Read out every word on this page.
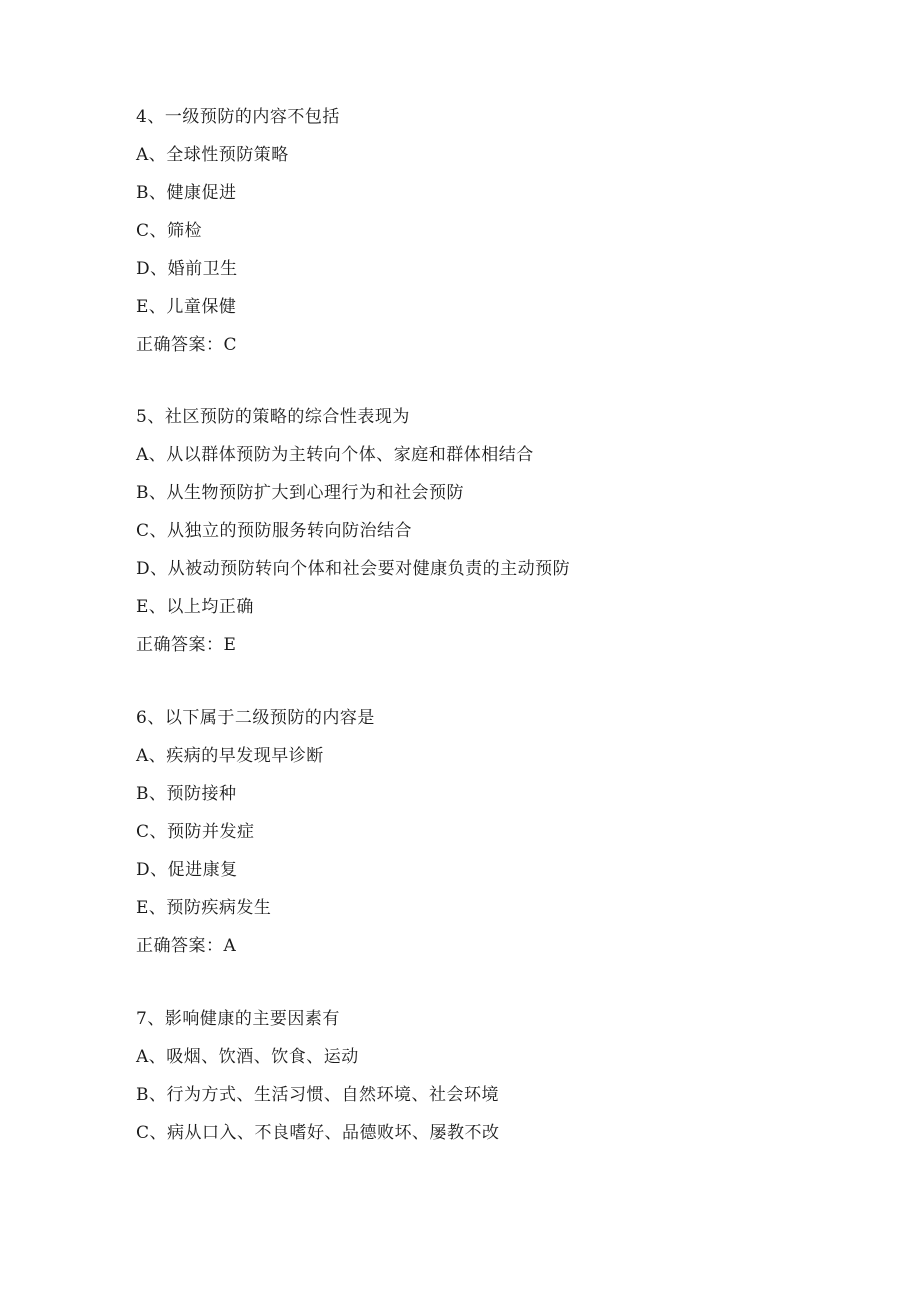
4、一级预防的内容不包括
A、全球性预防策略
B、健康促进
C、筛检
D、婚前卫生
E、儿童保健
正确答案：C
5、社区预防的策略的综合性表现为
A、从以群体预防为主转向个体、家庭和群体相结合
B、从生物预防扩大到心理行为和社会预防
C、从独立的预防服务转向防治结合
D、从被动预防转向个体和社会要对健康负责的主动预防
E、以上均正确
正确答案：E
6、以下属于二级预防的内容是
A、疾病的早发现早诊断
B、预防接种
C、预防并发症
D、促进康复
E、预防疾病发生
正确答案：A
7、影响健康的主要因素有
A、吸烟、饮酒、饮食、运动
B、行为方式、生活习惯、自然环境、社会环境
C、病从口入、不良嗜好、品德败坏、屡教不改
